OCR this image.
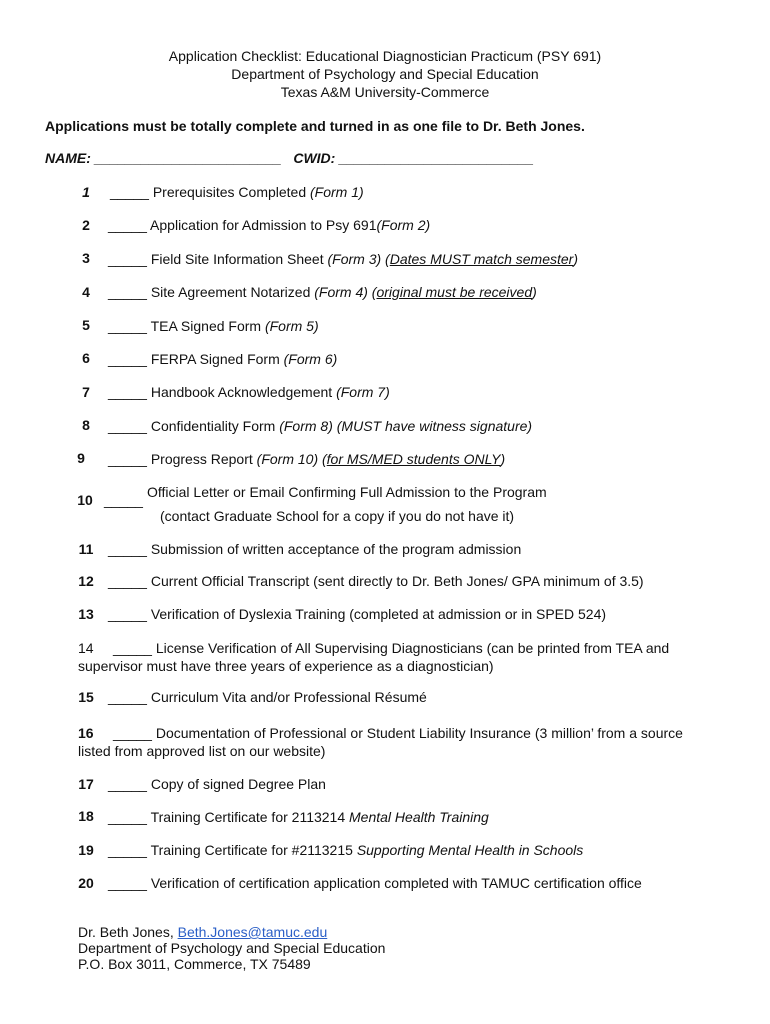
Application Checklist: Educational Diagnostician Practicum (PSY 691)
Department of Psychology and Special Education
Texas A&M University-Commerce
Applications must be totally complete and turned in as one file to Dr. Beth Jones.
NAME: ________________________ CWID: _________________________
1	_____ Prerequisites Completed (Form 1)
2	_____ Application for Admission to Psy 691(Form 2)
3	_____ Field Site Information Sheet (Form 3) (Dates MUST match semester)
4	_____ Site Agreement Notarized (Form 4) (original must be received)
5	_____ TEA Signed Form (Form 5)
6	_____ FERPA Signed Form (Form 6)
7	_____ Handbook Acknowledgement (Form 7)
8	_____ Confidentiality Form (Form 8) (MUST have witness signature)
9	_____ Progress Report (Form 10) (for MS/MED students ONLY)
10 _____ Official Letter or Email Confirming Full Admission to the Program
(contact Graduate School for a copy if you do not have it)
11 _____ Submission of written acceptance of the program admission
12 _____ Current Official Transcript (sent directly to Dr. Beth Jones/ GPA minimum of 3.5)
13 _____ Verification of Dyslexia Training (completed at admission or in SPED 524)
14 _____ License Verification of All Supervising Diagnosticians (can be printed from TEA and supervisor must have three years of experience as a diagnostician)
15 _____ Curriculum Vita and/or Professional Résumé
16 _____ Documentation of Professional or Student Liability Insurance (3 million’ from a source listed from approved list on our website)
17 _____ Copy of signed Degree Plan
18 _____ Training Certificate for 2113214 Mental Health Training
19 _____ Training Certificate for #2113215 Supporting Mental Health in Schools
20 _____ Verification of certification application completed with TAMUC certification office
Dr. Beth Jones, Beth.Jones@tamuc.edu
Department of Psychology and Special Education
P.O. Box 3011, Commerce, TX 75489
